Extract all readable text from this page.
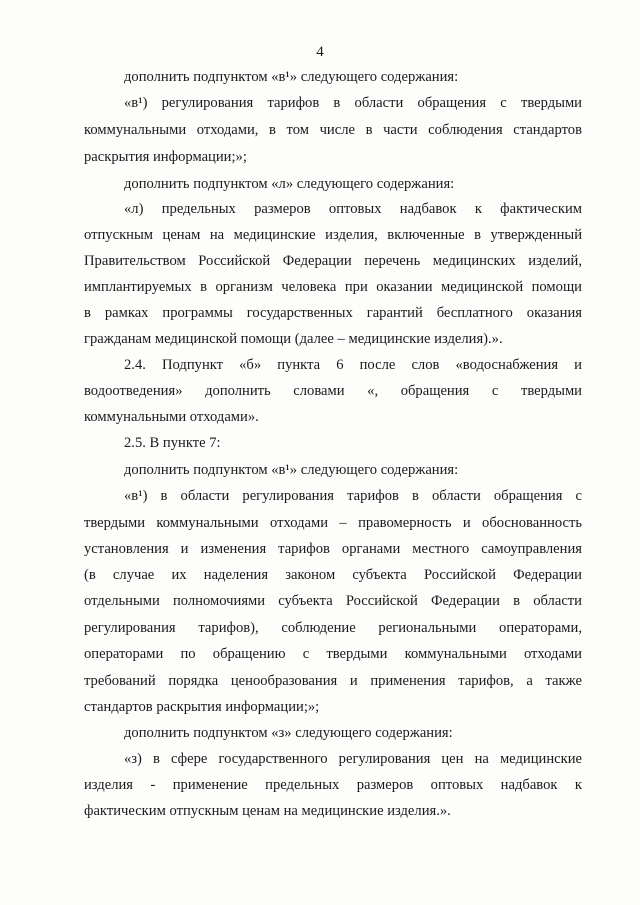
4
дополнить подпунктом «в¹» следующего содержания:
«в¹) регулирования тарифов в области обращения с твердыми
коммунальными отходами, в том числе в части соблюдения стандартов
раскрытия информации;»;
дополнить подпунктом «л» следующего содержания:
«л) предельных размеров оптовых надбавок к фактическим
отпускным ценам на медицинские изделия, включенные в утвержденный
Правительством Российской Федерации перечень медицинских изделий,
имплантируемых в организм человека при оказании медицинской помощи
в рамках программы государственных гарантий бесплатного оказания
гражданам медицинской помощи (далее – медицинские изделия).».
2.4. Подпункт «б» пункта 6 после слов «водоснабжения и
водоотведения» дополнить словами «, обращения с твердыми
коммунальными отходами».
2.5. В пункте 7:
дополнить подпунктом «в¹» следующего содержания:
«в¹) в области регулирования тарифов в области обращения с
твердыми коммунальными отходами – правомерность и обоснованность
установления и изменения тарифов органами местного самоуправления
(в случае их наделения законом субъекта Российской Федерации
отдельными полномочиями субъекта Российской Федерации в области
регулирования тарифов), соблюдение региональными операторами,
операторами по обращению с твердыми коммунальными отходами
требований порядка ценообразования и применения тарифов, а также
стандартов раскрытия информации;»;
дополнить подпунктом «з» следующего содержания:
«з) в сфере государственного регулирования цен на медицинские
изделия - применение предельных размеров оптовых надбавок к
фактическим отпускным ценам на медицинские изделия.».
